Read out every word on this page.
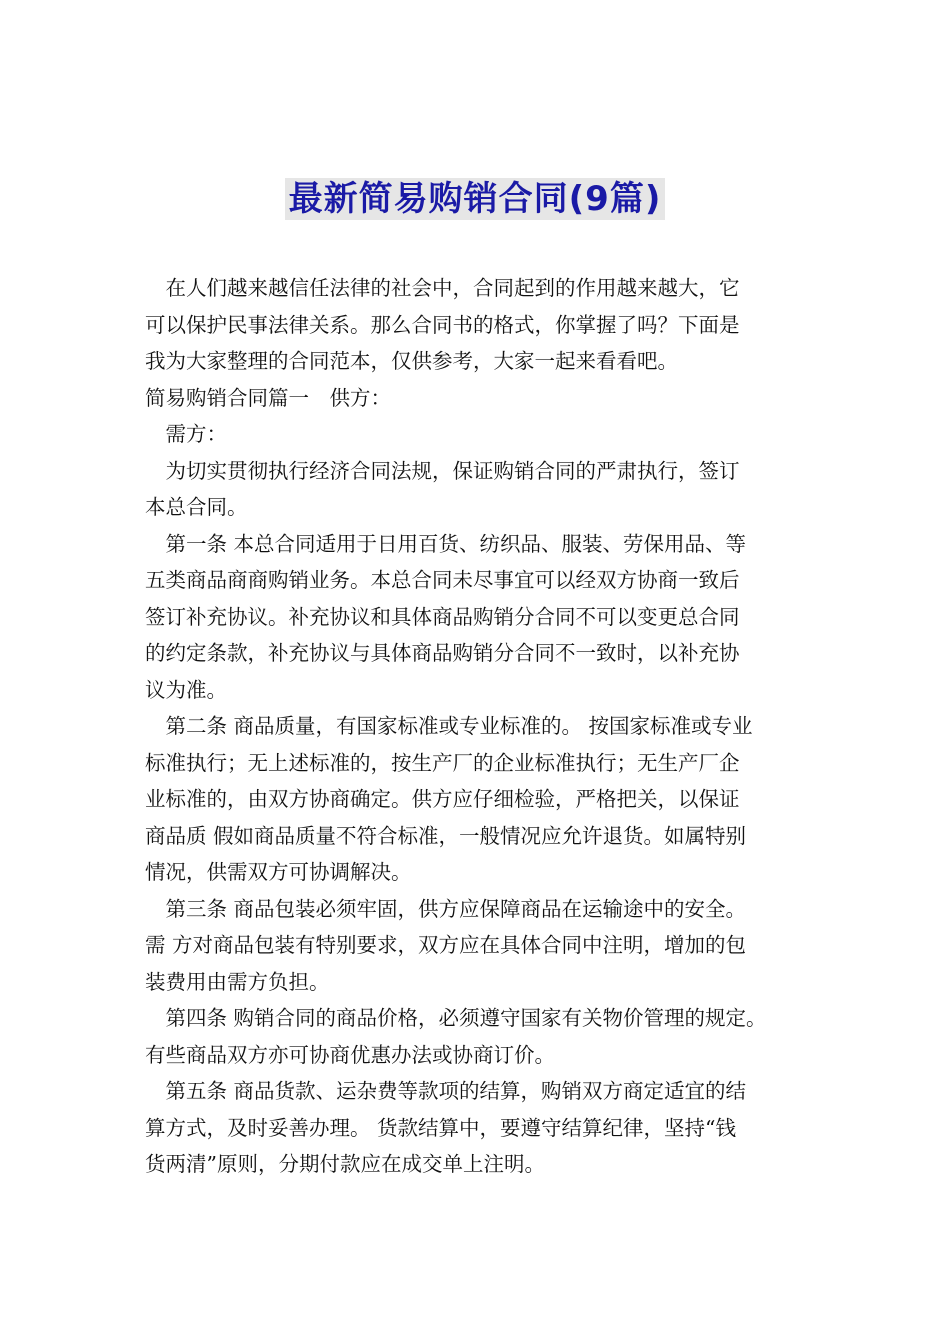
最新简易购销合同(9篇)

　在人们越来越信任法律的社会中，合同起到的作用越来越大，它

可以保护民事法律关系。那么合同书的格式，你掌握了吗？下面是

我为大家整理的合同范本，仅供参考，大家一起来看看吧。

简易购销合同篇一　供方：

　需方：

　为切实贯彻执行经济合同法规，保证购销合同的严肃执行，签订

本总合同。

　第一条 本总合同适用于日用百货、纺织品、服装、劳保用品、等

五类商品商商购销业务。本总合同未尽事宜可以经双方协商一致后

签订补充协议。补充协议和具体商品购销分合同不可以变更总合同

的约定条款，补充协议与具体商品购销分合同不一致时，以补充协

议为准。

　第二条 商品质量，有国家标准或专业标准的。 按国家标准或专业

标准执行；无上述标准的，按生产厂的企业标准执行；无生产厂企

业标准的，由双方协商确定。供方应仔细检验，严格把关，以保证

商品质 假如商品质量不符合标准，一般情况应允许退货。如属特别

情况，供需双方可协调解决。

　第三条 商品包装必须牢固，供方应保障商品在运输途中的安全。

需 方对商品包装有特别要求，双方应在具体合同中注明，增加的包

装费用由需方负担。

　第四条 购销合同的商品价格，必须遵守国家有关物价管理的规定。

有些商品双方亦可协商优惠办法或协商订价。

　第五条 商品货款、运杂费等款项的结算，购销双方商定适宜的结

算方式，及时妥善办理。 货款结算中，要遵守结算纪律，坚持“钱

货两清”原则，分期付款应在成交单上注明。
